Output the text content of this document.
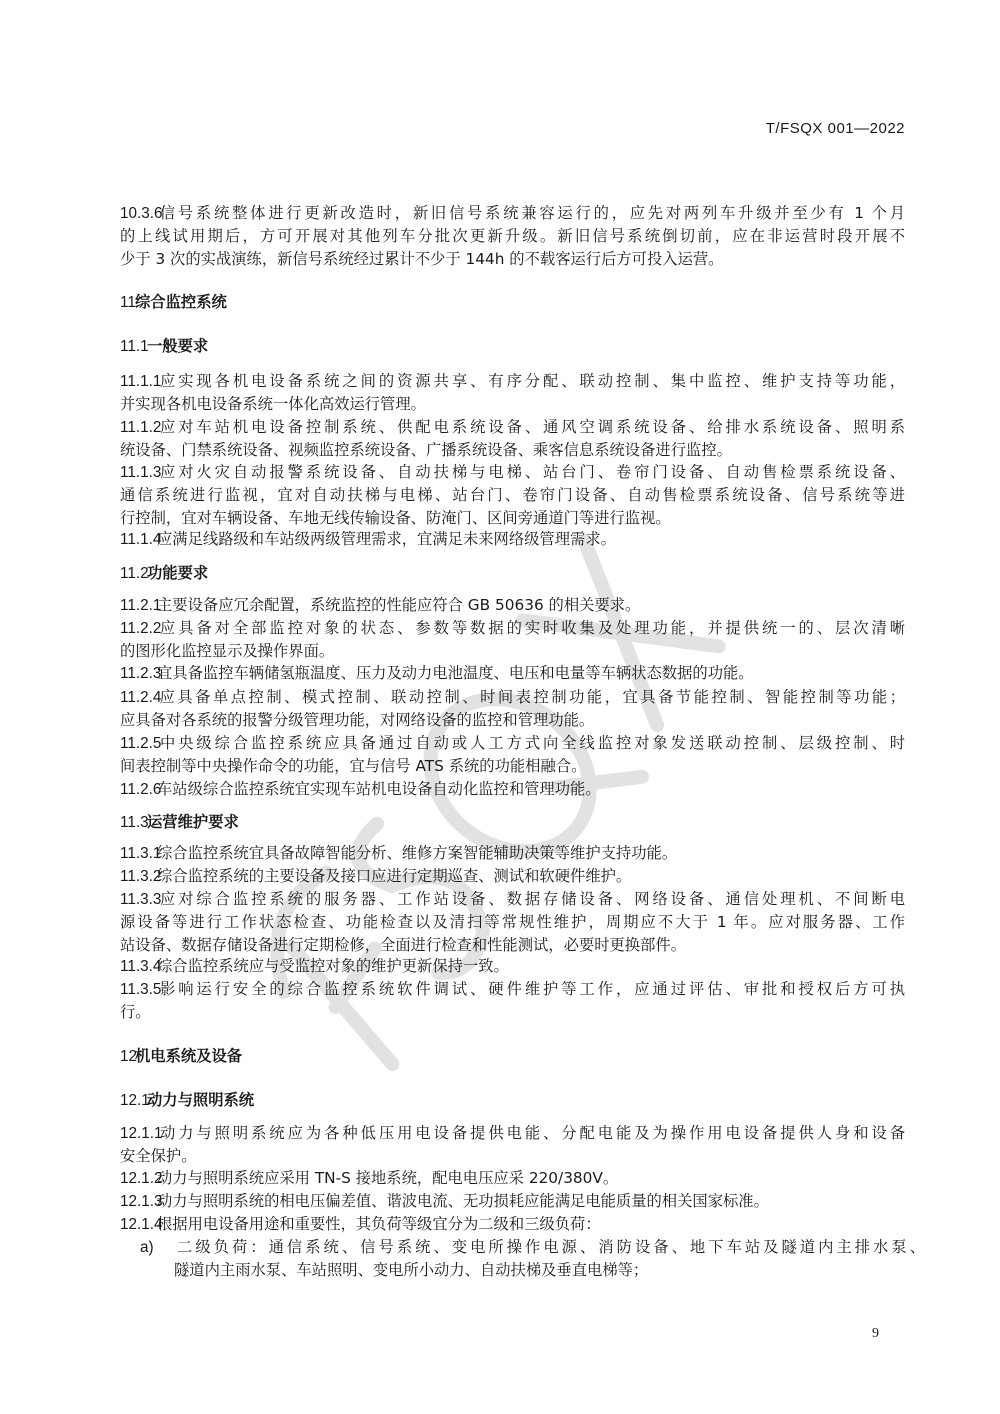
T/FSQX 001—2022
10.3.6信号系统整体进行更新改造时，新旧信号系统兼容运行的，应先对两列车升级并至少有 1 个月
的上线试用期后，方可开展对其他列车分批次更新升级。新旧信号系统倒切前，应在非运营时段开展不
少于 3 次的实战演练，新信号系统经过累计不少于 144h 的不载客运行后方可投入运营。
11综合监控系统
11.1一般要求
11.1.1应实现各机电设备系统之间的资源共享、有序分配、联动控制、集中监控、维护支持等功能，
并实现各机电设备系统一体化高效运行管理。
11.1.2应对车站机电设备控制系统、供配电系统设备、通风空调系统设备、给排水系统设备、照明系
统设备、门禁系统设备、视频监控系统设备、广播系统设备、乘客信息系统设备进行监控。
11.1.3应对火灾自动报警系统设备、自动扶梯与电梯、站台门、卷帘门设备、自动售检票系统设备、
通信系统进行监视，宜对自动扶梯与电梯、站台门、卷帘门设备、自动售检票系统设备、信号系统等进
行控制，宜对车辆设备、车地无线传输设备、防淹门、区间旁通道门等进行监视。
11.1.4应满足线路级和车站级两级管理需求，宜满足未来网络级管理需求。
11.2功能要求
11.2.1主要设备应冗余配置，系统监控的性能应符合 GB 50636 的相关要求。
11.2.2应具备对全部监控对象的状态、参数等数据的实时收集及处理功能，并提供统一的、层次清晰
的图形化监控显示及操作界面。
11.2.3宜具备监控车辆储氢瓶温度、压力及动力电池温度、电压和电量等车辆状态数据的功能。
11.2.4应具备单点控制、模式控制、联动控制、时间表控制功能，宜具备节能控制、智能控制等功能；
应具备对各系统的报警分级管理功能，对网络设备的监控和管理功能。
11.2.5中央级综合监控系统应具备通过自动或人工方式向全线监控对象发送联动控制、层级控制、时
间表控制等中央操作命令的功能，宜与信号 ATS 系统的功能相融合。
11.2.6车站级综合监控系统宜实现车站机电设备自动化监控和管理功能。
11.3运营维护要求
11.3.1综合监控系统宜具备故障智能分析、维修方案智能辅助决策等维护支持功能。
11.3.2综合监控系统的主要设备及接口应进行定期巡查、测试和软硬件维护。
11.3.3应对综合监控系统的服务器、工作站设备、数据存储设备、网络设备、通信处理机、不间断电
源设备等进行工作状态检查、功能检查以及清扫等常规性维护，周期应不大于 1 年。应对服务器、工作
站设备、数据存储设备进行定期检修，全面进行检查和性能测试，必要时更换部件。
11.3.4综合监控系统应与受监控对象的维护更新保持一致。
11.3.5影响运行安全的综合监控系统软件调试、硬件维护等工作，应通过评估、审批和授权后方可执
行。
12机电系统及设备
12.1动力与照明系统
12.1.1动力与照明系统应为各种低压用电设备提供电能、分配电能及为操作用电设备提供人身和设备
安全保护。
12.1.2动力与照明系统应采用 TN-S 接地系统，配电电压应采 220/380V。
12.1.3动力与照明系统的相电压偏差值、谐波电流、无功损耗应能满足电能质量的相关国家标准。
12.1.4根据用电设备用途和重要性，其负荷等级宜分为二级和三级负荷：
a) 二级负荷：通信系统、信号系统、变电所操作电源、消防设备、地下车站及隧道内主排水泵、
隧道内主雨水泵、车站照明、变电所小动力、自动扶梯及垂直电梯等；
9
